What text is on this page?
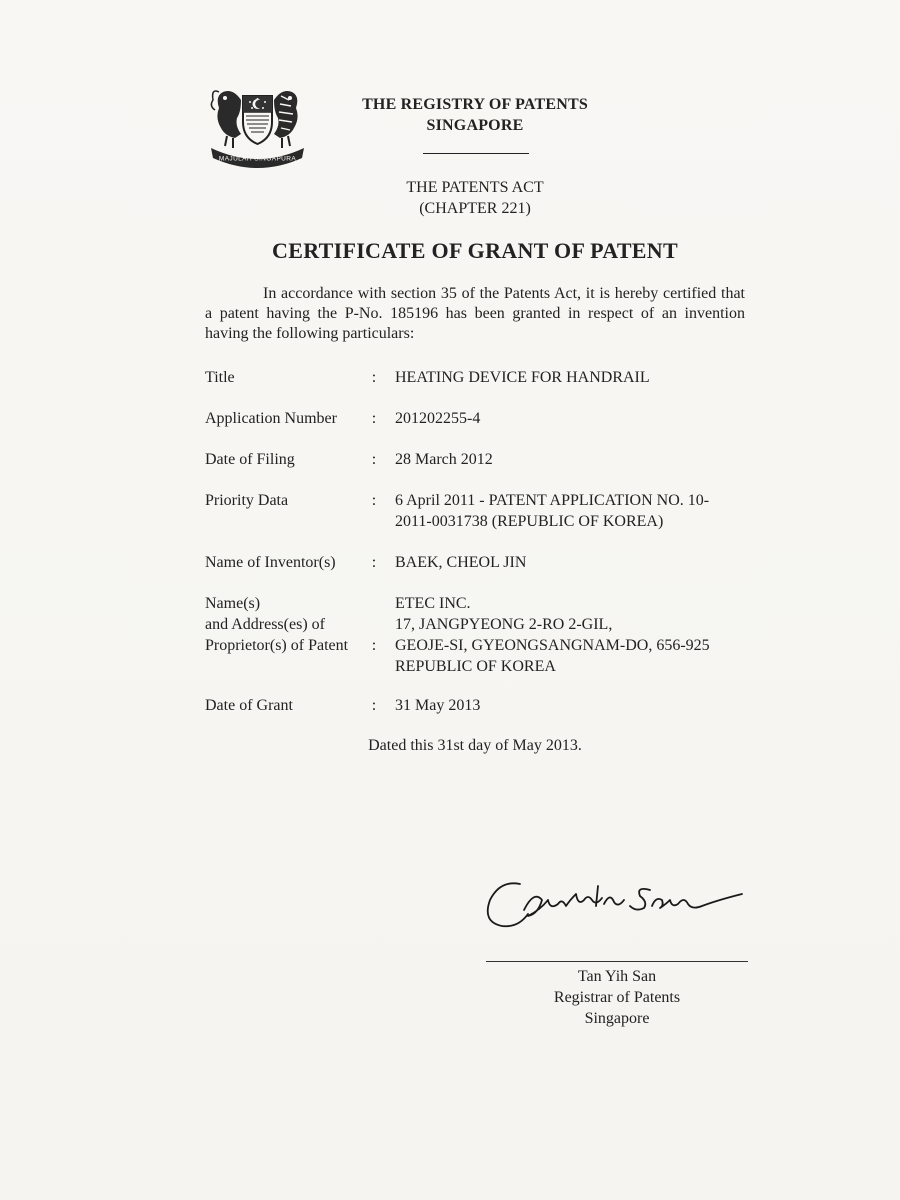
MAJULAH SINGAPURA
THE REGISTRY OF PATENTS
SINGAPORE
THE PATENTS ACT
(CHAPTER 221)
CERTIFICATE OF GRANT OF PATENT
In accordance with section 35 of the Patents Act, it is hereby certified that a patent having the P-No. 185196 has been granted in respect of an invention having the following particulars:
Title	: HEATING DEVICE FOR HANDRAIL
Application Number	: 201202255-4
Date of Filing	: 28 March 2012
Priority Data	: 6 April 2011 - PATENT APPLICATION NO. 10-
2011-0031738 (REPUBLIC OF KOREA)
Name of Inventor(s)	: BAEK, CHEOL JIN
Name(s)
and Address(es) of
Proprietor(s) of Patent	:
ETEC INC.
17, JANGPYEONG 2-RO 2-GIL,
GEOJE-SI, GYEONGSANGNAM-DO, 656-925
REPUBLIC OF KOREA
Date of Grant	: 31 May 2013
Dated this 31st day of May 2013.
Tan Yih San
Registrar of Patents
Singapore
